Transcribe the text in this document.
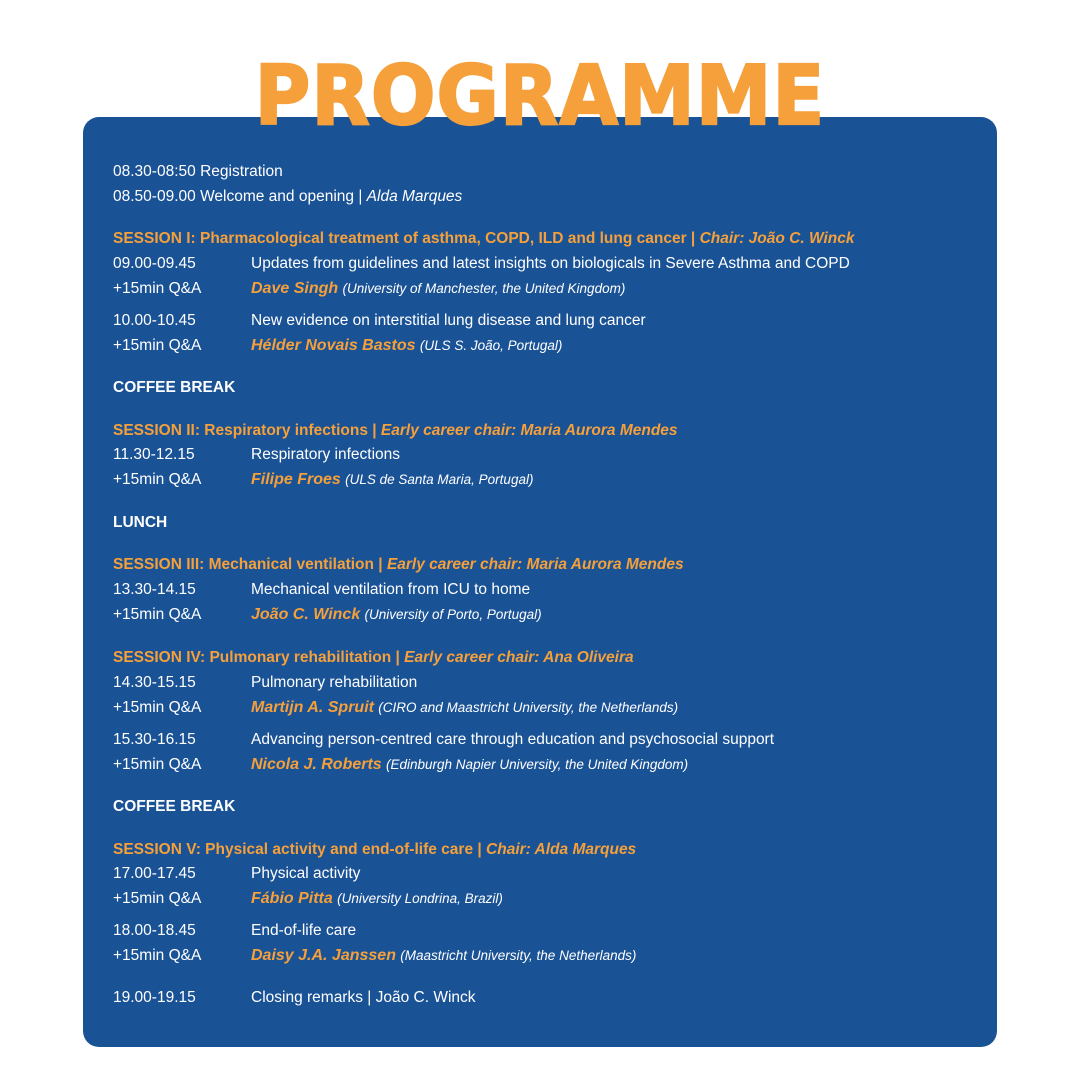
PROGRAMME
08.30-08:50 Registration
08.50-09.00 Welcome and opening | Alda Marques
SESSION I: Pharmacological treatment of asthma, COPD, ILD and lung cancer | Chair: João C. Winck
09.00-09.45	Updates from guidelines and latest insights on biologicals in Severe Asthma and COPD
+15min Q&A	Dave Singh (University of Manchester, the United Kingdom)
10.00-10.45	New evidence on interstitial lung disease and lung cancer
+15min Q&A	Hélder Novais Bastos (ULS S. João, Portugal)
COFFEE BREAK
SESSION II: Respiratory infections | Early career chair: Maria Aurora Mendes
11.30-12.15	Respiratory infections
+15min Q&A	Filipe Froes (ULS de Santa Maria, Portugal)
LUNCH
SESSION III: Mechanical ventilation | Early career chair: Maria Aurora Mendes
13.30-14.15	Mechanical ventilation from ICU to home
+15min Q&A	João C. Winck (University of Porto, Portugal)
SESSION IV: Pulmonary rehabilitation | Early career chair: Ana Oliveira
14.30-15.15	Pulmonary rehabilitation
+15min Q&A	Martijn A. Spruit (CIRO and Maastricht University, the Netherlands)
15.30-16.15	Advancing person-centred care through education and psychosocial support
+15min Q&A	Nicola J. Roberts (Edinburgh Napier University, the United Kingdom)
COFFEE BREAK
SESSION V: Physical activity and end-of-life care | Chair: Alda Marques
17.00-17.45	Physical activity
+15min Q&A	Fábio Pitta (University Londrina, Brazil)
18.00-18.45	End-of-life care
+15min Q&A	Daisy J.A. Janssen (Maastricht University, the Netherlands)
19.00-19.15	Closing remarks | João C. Winck
